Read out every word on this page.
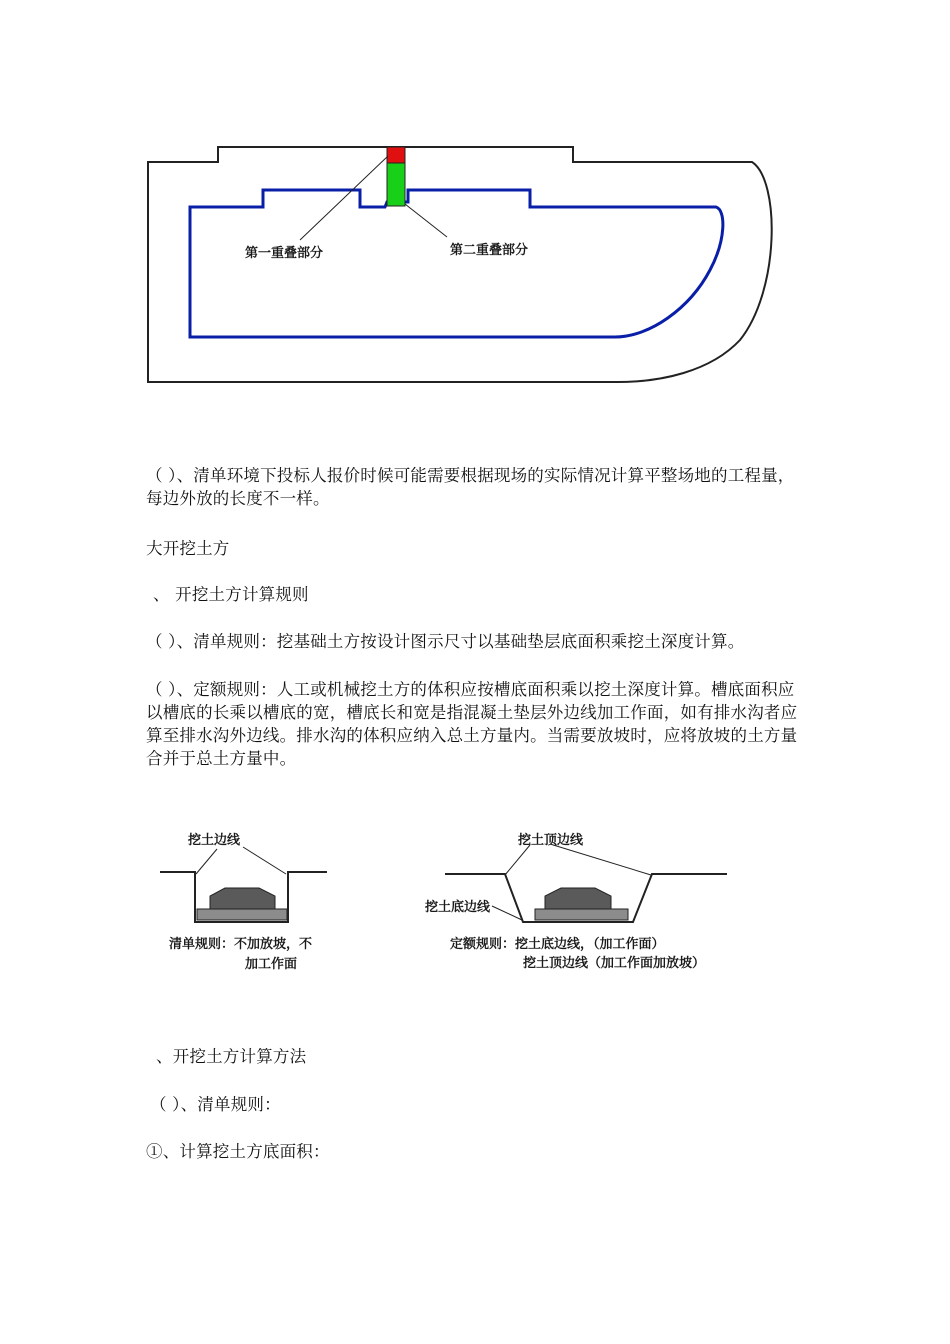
第一重叠部分	第二重叠部分

（ ）、清单环境下投标人报价时候可能需要根据现场的实际情况计算平整场地的工程量，每边外放的长度不一样。

大开挖土方

、 开挖土方计算规则

（ ）、清单规则：挖基础土方按设计图示尺寸以基础垫层底面积乘挖土深度计算。

（ ）、定额规则：人工或机械挖土方的体积应按槽底面积乘以挖土深度计算。槽底面积应以槽底的长乘以槽底的宽，槽底长和宽是指混凝土垫层外边线加工作面，如有排水沟者应算至排水沟外边线。排水沟的体积应纳入总土方量内。当需要放坡时，应将放坡的土方量合并于总土方量中。

挖土边线
清单规则：不加放坡，不
加工作面
挖土顶边线
挖土底边线
定额规则：挖土底边线，（加工作面）
挖土顶边线（加工作面加放坡）

、开挖土方计算方法

（ ）、清单规则：

①、计算挖土方底面积：
